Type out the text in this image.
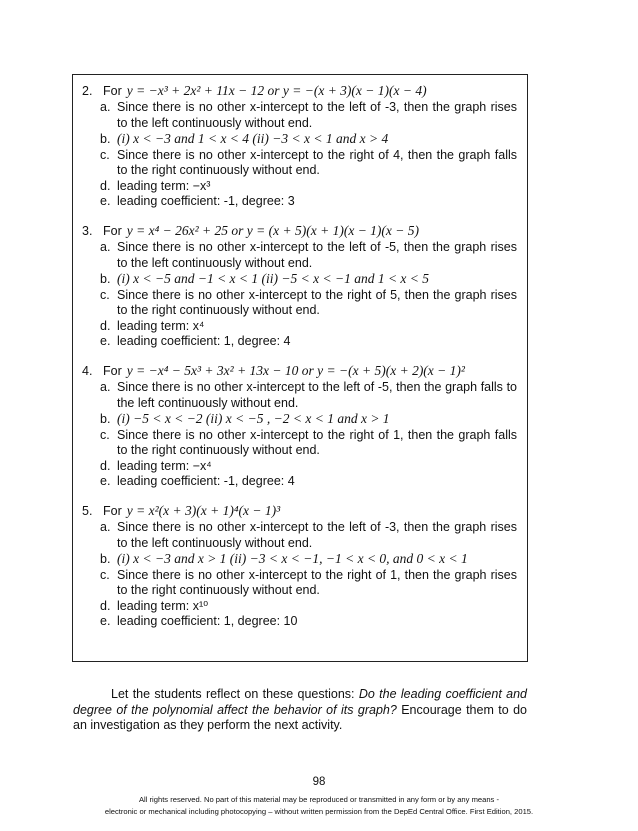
2. For y = −x³ + 2x² + 11x − 12 or y = −(x + 3)(x − 1)(x − 4)
a. Since there is no other x-intercept to the left of -3, then the graph rises to the left continuously without end.
b. (i) x < −3 and 1 < x < 4 (ii) −3 < x < 1 and x > 4
c. Since there is no other x-intercept to the right of 4, then the graph falls to the right continuously without end.
d. leading term: −x³
e. leading coefficient: -1, degree: 3
3. For y = x⁴ − 26x² + 25 or y = (x + 5)(x + 1)(x − 1)(x − 5)
a. Since there is no other x-intercept to the left of -5, then the graph rises to the left continuously without end.
b. (i) x < −5 and −1 < x < 1 (ii) −5 < x < −1 and 1 < x < 5
c. Since there is no other x-intercept to the right of 5, then the graph rises to the right continuously without end.
d. leading term: x⁴
e. leading coefficient: 1, degree: 4
4. For y = −x⁴ − 5x³ + 3x² + 13x − 10 or y = −(x + 5)(x + 2)(x − 1)²
a. Since there is no other x-intercept to the left of -5, then the graph falls to the left continuously without end.
b. (i) −5 < x < −2 (ii) x < −5 , −2 < x < 1 and x > 1
c. Since there is no other x-intercept to the right of 1, then the graph falls to the right continuously without end.
d. leading term: −x⁴
e. leading coefficient: -1, degree: 4
5. For y = x²(x + 3)(x + 1)⁴(x − 1)³
a. Since there is no other x-intercept to the left of -3, then the graph rises to the left continuously without end.
b. (i) x < −3 and x > 1 (ii) −3 < x < −1, −1 < x < 0, and 0 < x < 1
c. Since there is no other x-intercept to the right of 1, then the graph rises to the right continuously without end.
d. leading term: x¹⁰
e. leading coefficient: 1, degree: 10

Let the students reflect on these questions: Do the leading coefficient and degree of the polynomial affect the behavior of its graph? Encourage them to do an investigation as they perform the next activity.

98
All rights reserved. No part of this material may be reproduced or transmitted in any form or by any means -
electronic or mechanical including photocopying – without written permission from the DepEd Central Office. First Edition, 2015.
